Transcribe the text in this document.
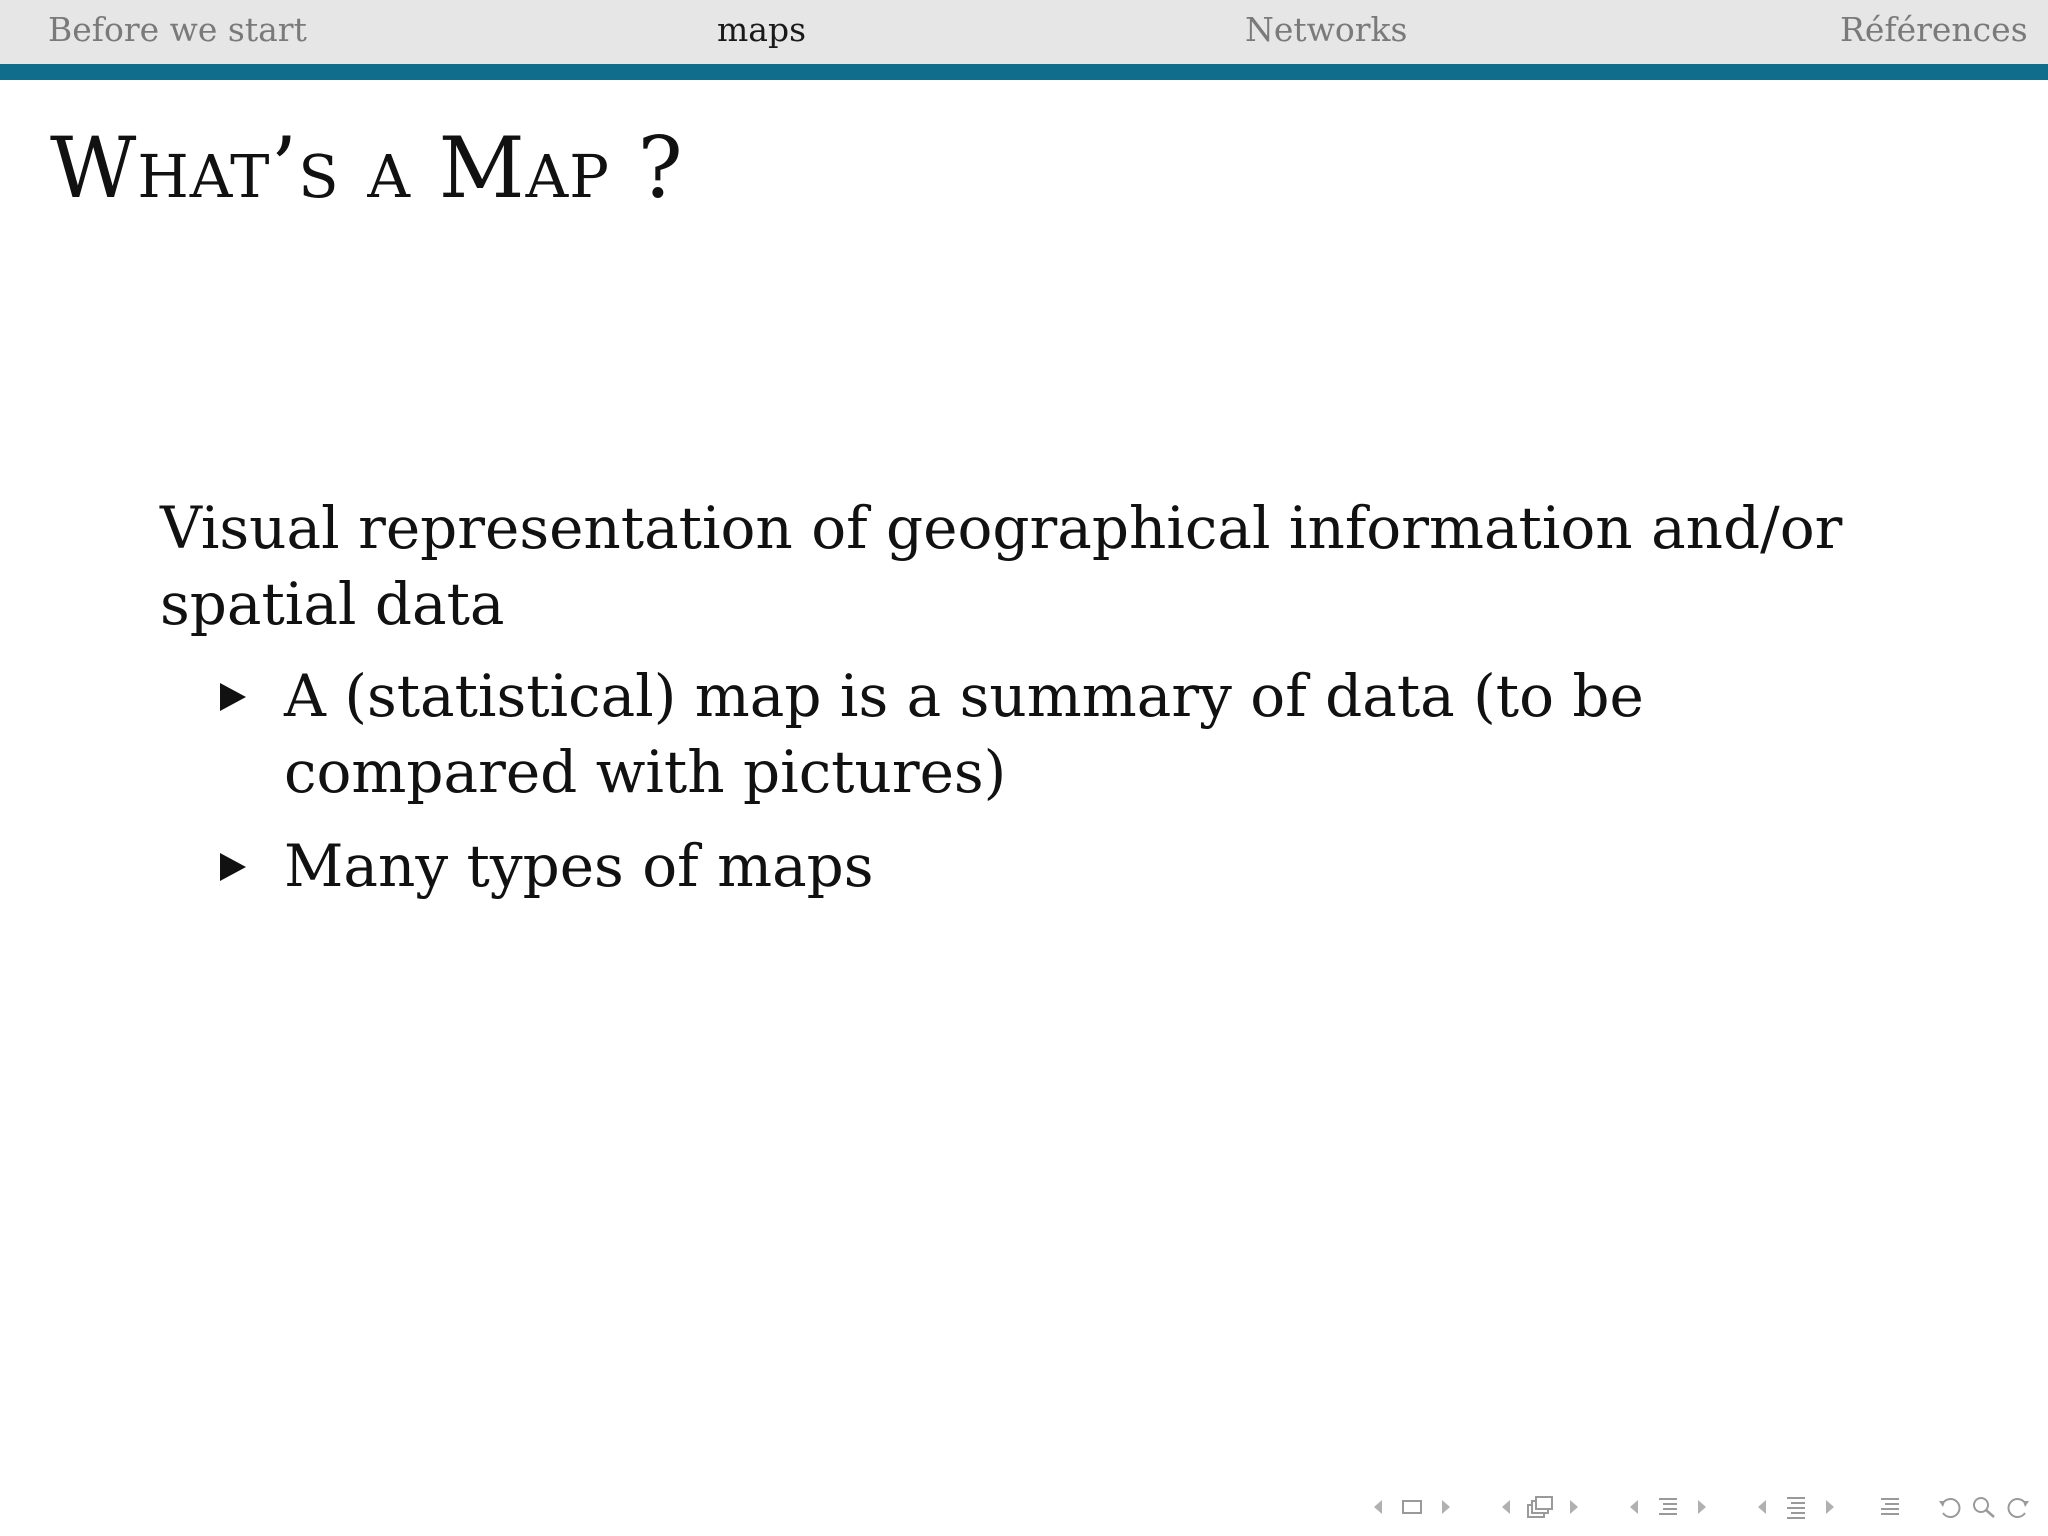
Before we start	maps	Networks	Références
What’s a Map ?
Visual representation of geographical information and/or spatial data
A (statistical) map is a summary of data (to be compared with pictures)
Many types of maps
